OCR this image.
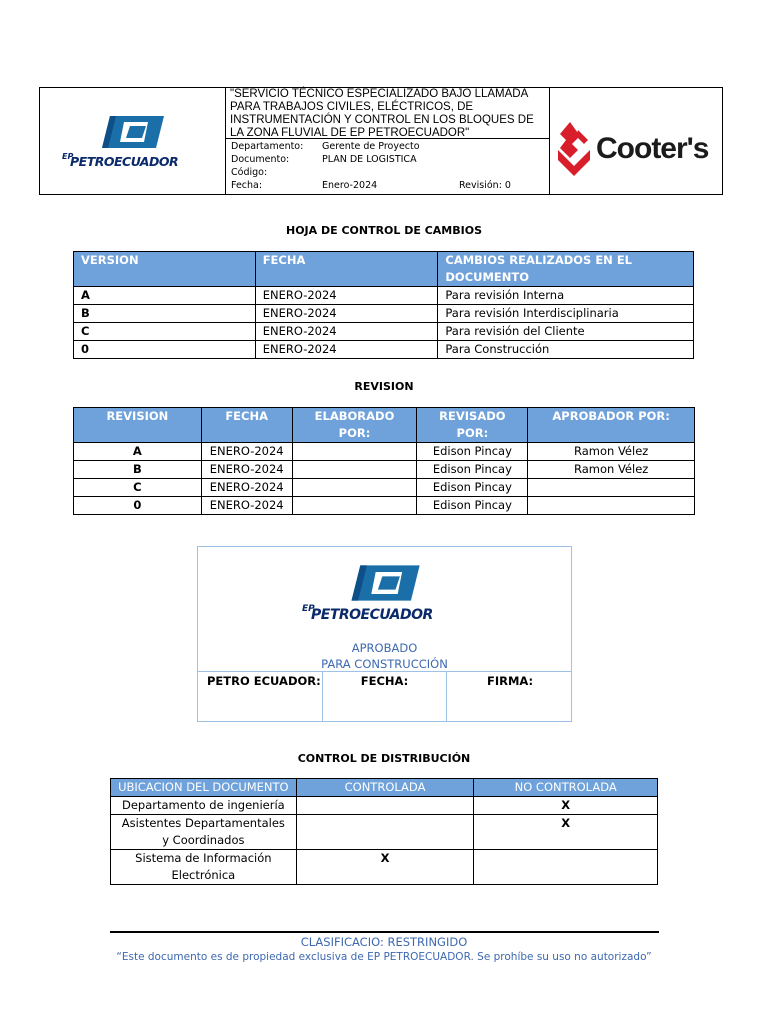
EP
PETROECUADOR
"SERVICIO TÉCNICO ESPECIALIZADO BAJO LLAMADA PARA TRABAJOS CIVILES, ELÉCTRICOS, DE INSTRUMENTACIÓN Y CONTROL EN LOS BLOQUES DE LA ZONA FLUVIAL DE EP PETROECUADOR"
Departamento: Gerente de Proyecto
Documento:	PLAN DE LOGISTICA
Código:
Fecha:	Enero-2024	Revisión: 0
Cooter's
HOJA DE CONTROL DE CAMBIOS
VERSION	FECHA	CAMBIOS REALIZADOS EN EL DOCUMENTO
A	ENERO-2024	Para revisión Interna
B	ENERO-2024	Para revisión Interdisciplinaria
C	ENERO-2024	Para revisión del Cliente
0	ENERO-2024	Para Construcción
REVISION
REVISION	FECHA	ELABORADO POR:	REVISADO POR:	APROBADOR POR:
A	ENERO-2024		Edison Pincay	Ramon Vélez
B	ENERO-2024		Edison Pincay	Ramon Vélez
C	ENERO-2024		Edison Pincay	
0	ENERO-2024		Edison Pincay	
EP
PETROECUADOR
APROBADO
PARA CONSTRUCCIÓN
PETRO ECUADOR:	FECHA:	FIRMA:
CONTROL DE DISTRIBUCIÓN
UBICACION DEL DOCUMENTO	CONTROLADA	NO CONTROLADA
Departamento de ingeniería		X
Asistentes Departamentales y Coordinados		X
Sistema de Información Electrónica	X	
CLASIFICACIO: RESTRINGIDO
“Este documento es de propiedad exclusiva de EP PETROECUADOR. Se prohíbe su uso no autorizado”
